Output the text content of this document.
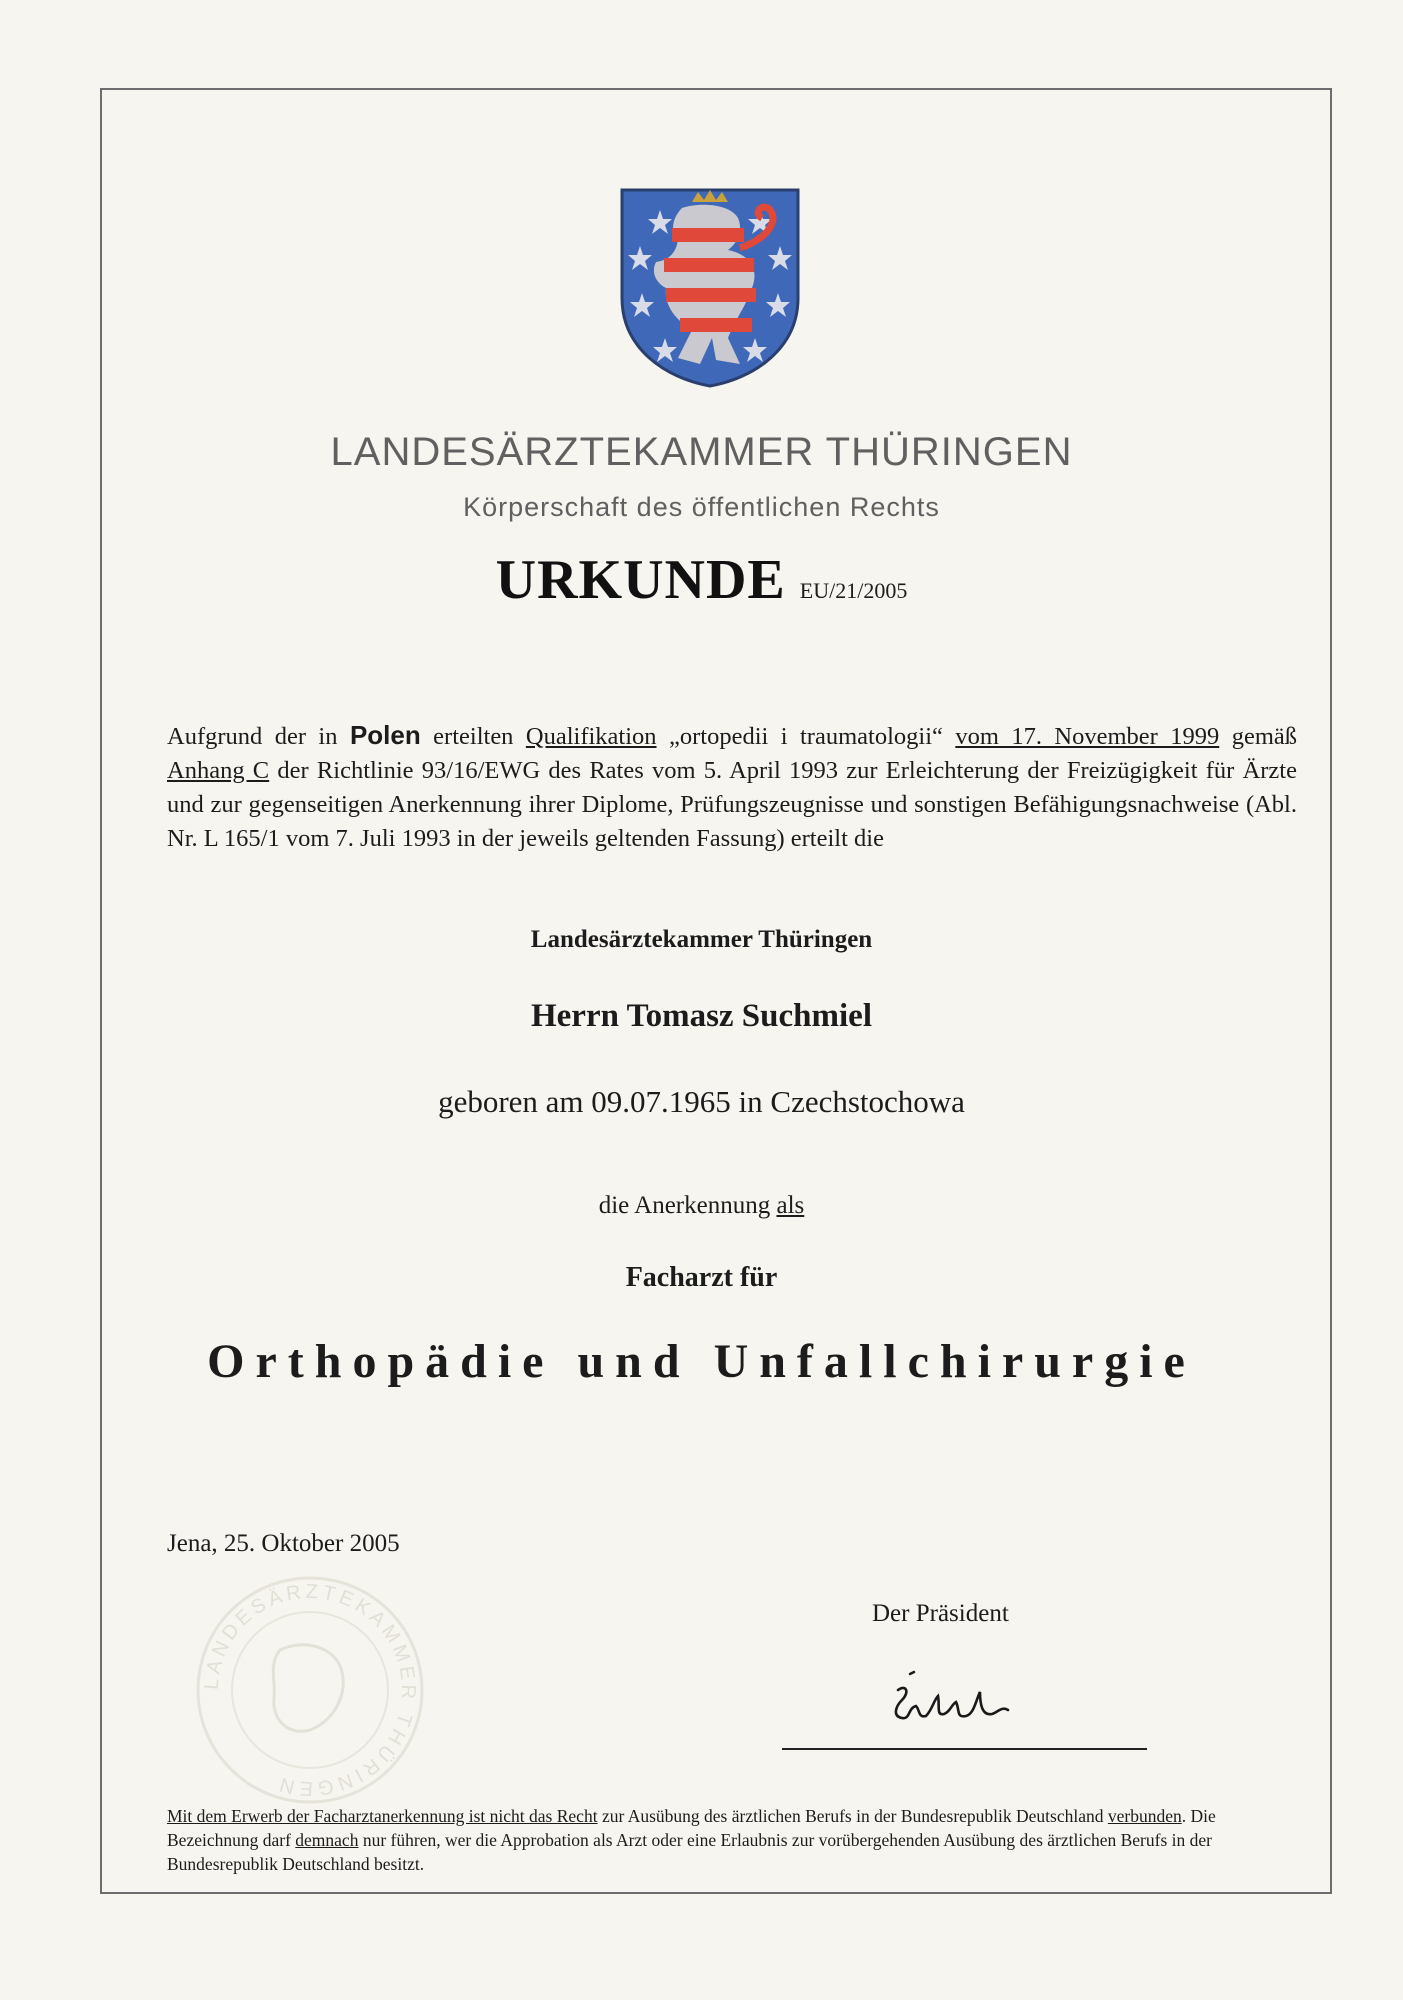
LANDESÄRZTEKAMMER THÜRINGEN
Körperschaft des öffentlichen Rechts
URKUNDE EU/21/2005
Aufgrund der in Polen erteilten Qualifikation „ortopedii i traumatologii“ vom 17. November 1999 gemäß Anhang C der Richtlinie 93/16/EWG des Rates vom 5. April 1993 zur Erleichterung der Freizügigkeit für Ärzte und zur gegenseitigen Anerkennung ihrer Diplome, Prüfungszeugnisse und sonstigen Befähigungsnachweise (Abl. Nr. L 165/1 vom 7. Juli 1993 in der jeweils geltenden Fassung) erteilt die
Landesärztekammer Thüringen
Herrn Tomasz Suchmiel
geboren am 09.07.1965 in Czechstochowa
die Anerkennung als
Facharzt für
Orthopädie und Unfallchirurgie
Jena, 25. Oktober 2005
LANDESÄRZTEKAMMER THÜRINGEN
Der Präsident
Mit dem Erwerb der Facharztanerkennung ist nicht das Recht zur Ausübung des ärztlichen Berufs in der Bundesrepublik Deutschland verbunden. Die Bezeichnung darf demnach nur führen, wer die Approbation als Arzt oder eine Erlaubnis zur vorübergehenden Ausübung des ärztlichen Berufs in der Bundesrepublik Deutschland besitzt.
